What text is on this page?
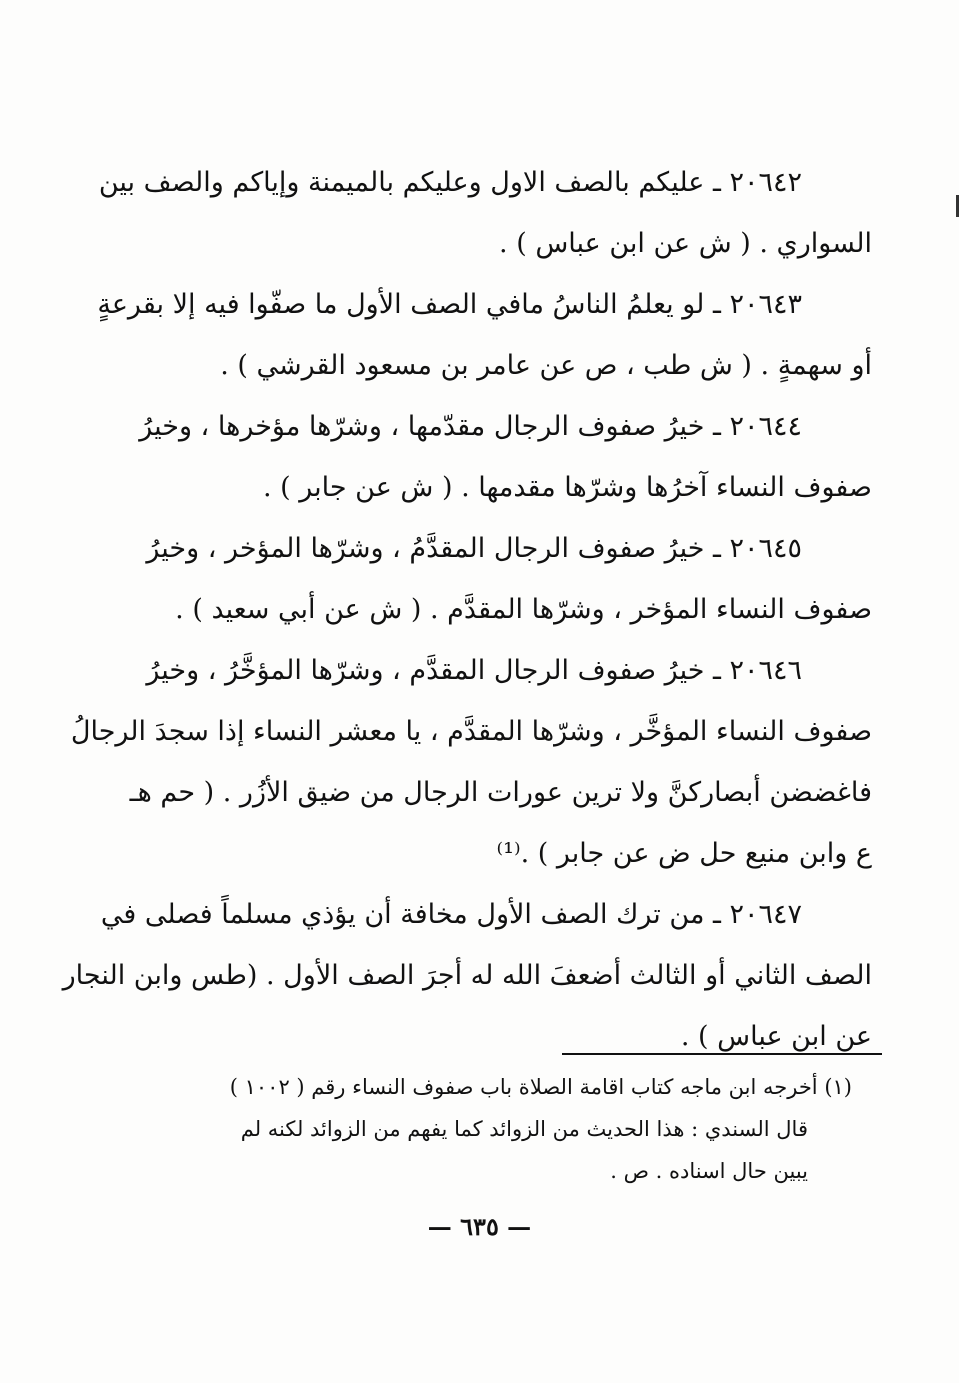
٢٠٦٤٢ ـ عليكم بالصف الاول وعليكم بالميمنة وإياكم والصف بين
السواري . ( ش عن ابن عباس ) .
٢٠٦٤٣ ـ لو يعلمُ الناسُ مافي الصف الأول ما صفّوا فيه إلا بقرعةٍ
أو سهمةٍ . ( ش طب ، ص عن عامر بن مسعود القرشي ) .
٢٠٦٤٤ ـ خيرُ صفوف الرجال مقدّمها ، وشرّها مؤخرها ، وخيرُ
صفوف النساء آخرُها وشرّها مقدمها . ( ش عن جابر ) .
٢٠٦٤٥ ـ خيرُ صفوف الرجال المقدَّمُ ، وشرّها المؤخر ، وخيرُ
صفوف النساء المؤخر ، وشرّها المقدَّم . ( ش عن أبي سعيد ) .
٢٠٦٤٦ ـ خيرُ صفوف الرجال المقدَّم ، وشرّها المؤخَّرُ ، وخيرُ
صفوف النساء المؤخَّر ، وشرّها المقدَّم ، يا معشر النساء إذا سجدَ الرجالُ
فاغضضن أبصاركنَّ ولا ترين عورات الرجال من ضيق الأزُر . ( حم هـ
ع وابن منيع حل ض عن جابر ) .⁽¹⁾
٢٠٦٤٧ ـ من ترك الصف الأول مخافة أن يؤذي مسلماً فصلى في
الصف الثاني أو الثالث أضعفَ الله له أجرَ الصف الأول . (طس وابن النجار
عن ابن عباس ) .
(١) أخرجه ابن ماجه كتاب اقامة الصلاة باب صفوف النساء رقم ( ١٠٠٢ )
قال السندي : هذا الحديث من الزوائد كما يفهم من الزوائد لكنه لم
يبين حال اسناده . ص .
— ٦٣٥ —
